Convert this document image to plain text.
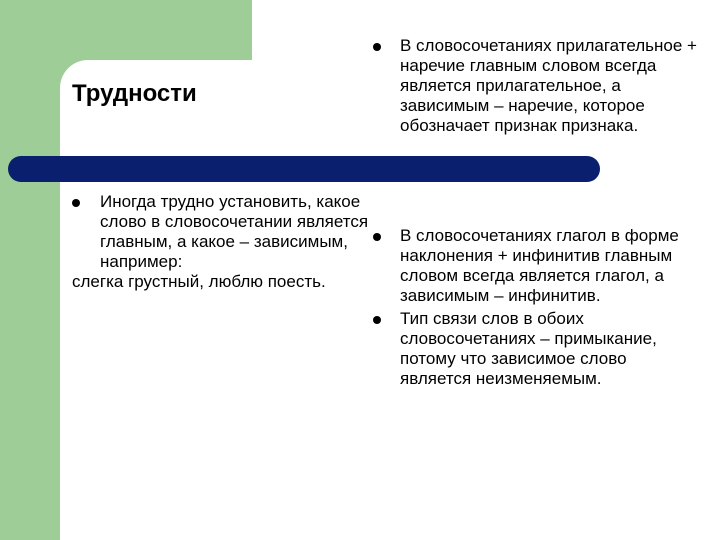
Трудности
В словосочетаниях прилагательное + наречие главным словом всегда является прилагательное, а зависимым – наречие, которое обозначает признак признака.
Иногда трудно установить, какое слово в словосочетании является главным, а какое – зависимым, например:
слегка грустный, люблю поесть.
В словосочетаниях глагол в форме наклонения + инфинитив главным словом всегда является глагол, а зависимым – инфинитив.
Тип связи слов в обоих словосочетаниях – примыкание, потому что зависимое слово является неизменяемым.
